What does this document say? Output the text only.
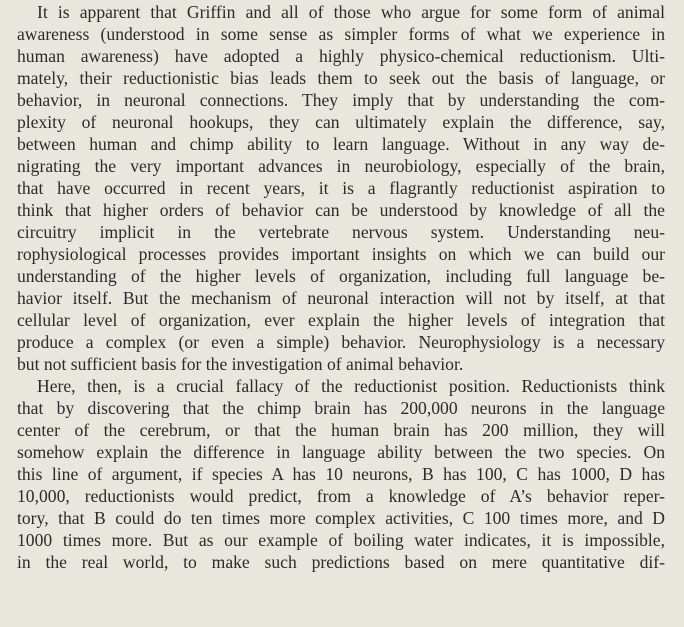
It is apparent that Griffin and all of those who argue for some form of animal
awareness (understood in some sense as simpler forms of what we experience in
human awareness) have adopted a highly physico-chemical reductionism. Ulti-
mately, their reductionistic bias leads them to seek out the basis of language, or
behavior, in neuronal connections. They imply that by understanding the com-
plexity of neuronal hookups, they can ultimately explain the difference, say,
between human and chimp ability to learn language. Without in any way de-
nigrating the very important advances in neurobiology, especially of the brain,
that have occurred in recent years, it is a flagrantly reductionist aspiration to
think that higher orders of behavior can be understood by knowledge of all the
circuitry implicit in the vertebrate nervous system. Understanding neu-
rophysiological processes provides important insights on which we can build our
understanding of the higher levels of organization, including full language be-
havior itself. But the mechanism of neuronal interaction will not by itself, at that
cellular level of organization, ever explain the higher levels of integration that
produce a complex (or even a simple) behavior. Neurophysiology is a necessary
but not sufficient basis for the investigation of animal behavior.
Here, then, is a crucial fallacy of the reductionist position. Reductionists think
that by discovering that the chimp brain has 200,000 neurons in the language
center of the cerebrum, or that the human brain has 200 million, they will
somehow explain the difference in language ability between the two species. On
this line of argument, if species A has 10 neurons, B has 100, C has 1000, D has
10,000, reductionists would predict, from a knowledge of A’s behavior reper-
tory, that B could do ten times more complex activities, C 100 times more, and D
1000 times more. But as our example of boiling water indicates, it is impossible,
in the real world, to make such predictions based on mere quantitative dif-
